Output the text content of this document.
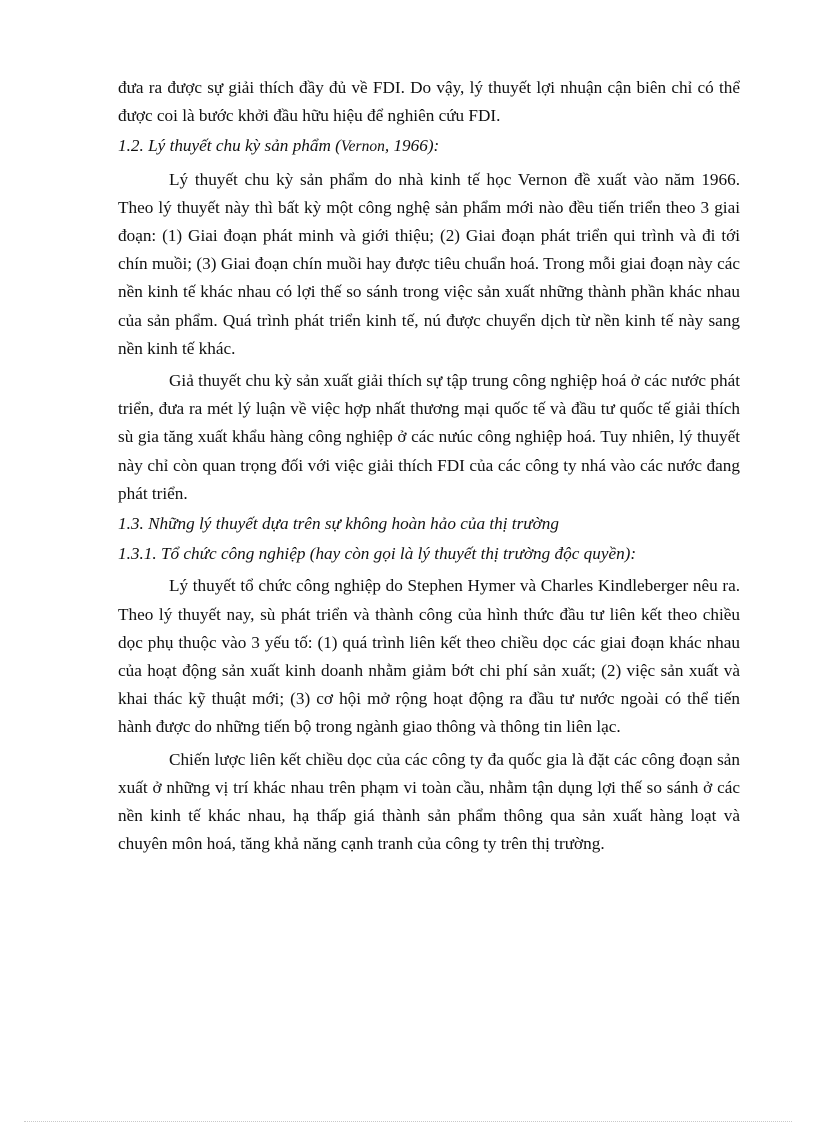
đưa ra được sự giải thích đầy đủ về FDI. Do vậy, lý thuyết lợi nhuận cận biên chỉ có thể được coi là bước khởi đầu hữu hiệu để nghiên cứu FDI.

1.2. Lý thuyết chu kỳ sản phẩm (Vernon, 1966):

Lý thuyết chu kỳ sản phẩm do nhà kinh tế học Vernon đề xuất vào năm 1966. Theo lý thuyết này thì bất kỳ một công nghệ sản phẩm mới nào đều tiến triển theo 3 giai đoạn: (1) Giai đoạn phát minh và giới thiệu; (2) Giai đoạn phát triển qui trình và đi tới chín muồi; (3) Giai đoạn chín muồi hay được tiêu chuẩn hoá. Trong mỗi giai đoạn này các nền kinh tế khác nhau có lợi thế so sánh trong việc sản xuất những thành phần khác nhau của sản phẩm. Quá trình phát triển kinh tế, nú được chuyển dịch từ nền kinh tế này sang nền kinh tế khác.

Giả thuyết chu kỳ sản xuất giải thích sự tập trung công nghiệp hoá ở các nước phát triển, đưa ra mét lý luận về việc hợp nhất thương mại quốc tế và đầu tư quốc tế giải thích sù gia tăng xuất khẩu hàng công nghiệp ở các nưúc công nghiệp hoá. Tuy nhiên, lý thuyết này chỉ còn quan trọng đối với việc giải thích FDI của các công ty nhá vào các nước đang phát triển.

1.3. Những lý thuyết dựa trên sự không hoàn hảo của thị trường

1.3.1. Tổ chức công nghiệp (hay còn gọi là lý thuyết thị trường độc quyền):

Lý thuyết tổ chức công nghiệp do Stephen Hymer và Charles Kindleberger nêu ra. Theo lý thuyết nay, sù phát triển và thành công của hình thức đầu tư liên kết theo chiều dọc phụ thuộc vào 3 yếu tố: (1) quá trình liên kết theo chiều dọc các giai đoạn khác nhau của hoạt động sản xuất kinh doanh nhằm giảm bớt chi phí sản xuất; (2) việc sản xuất và khai thác kỹ thuật mới; (3) cơ hội mở rộng hoạt động ra đầu tư nước ngoài có thể tiến hành được do những tiến bộ trong ngành giao thông và thông tin liên lạc.

Chiến lược liên kết chiều dọc của các công ty đa quốc gia là đặt các công đoạn sản xuất ở những vị trí khác nhau trên phạm vi toàn cầu, nhằm tận dụng lợi thế so sánh ở các nền kinh tế khác nhau, hạ thấp giá thành sản phẩm thông qua sản xuất hàng loạt và chuyên môn hoá, tăng khả năng cạnh tranh của công ty trên thị trường.
